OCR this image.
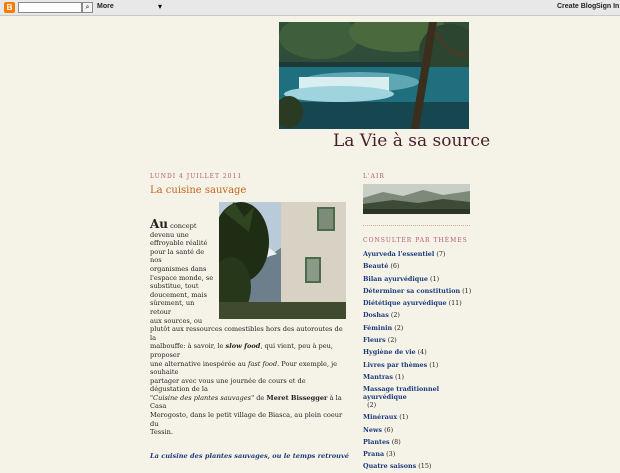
B	⌕	More	▾	Create Blog Sign In
La Vie à sa source
LUNDI 4 JUILLET 2011
La cuisine sauvage
Au concept
devenu une
effroyable réalité
pour la santé de nos
organismes dans
l'espace monde, se
substitue, tout
doucement, mais
sûrement, un retour
aux sources, ou
plutôt aux ressources comestibles hors des autoroutes de la
malbouffe: à savoir, le slow food, qui vient, peu à peu, proposer
une alternative inespérée au fast food. Pour exemple, je souhaite
partager avec vous une journée de cours et de dégustation de la
"Cuisine des plantes sauvages" de Meret Bissegger à la Casa
Merogosto, dans le petit village de Biasca, au plein coeur du
Tessin.
La cuisine des plantes sauvages, ou le temps retrouvé
L'AIR
CONSULTER PAR THÈMES
Ayurveda l'essentiel (7)
Beauté (6)
Bilan ayurvédique (1)
Déterminer sa constitution (1)
Diététique ayurvédique (11)
Doshas (2)
Féminin (2)
Fleurs (2)
Hygiène de vie (4)
Livres par thèmes (1)
Mantras (1)
Massage traditionnel ayurvédique
(2)
Minéraux (1)
News (6)
Plantes (8)
Prana (3)
Quatre saisons (15)
